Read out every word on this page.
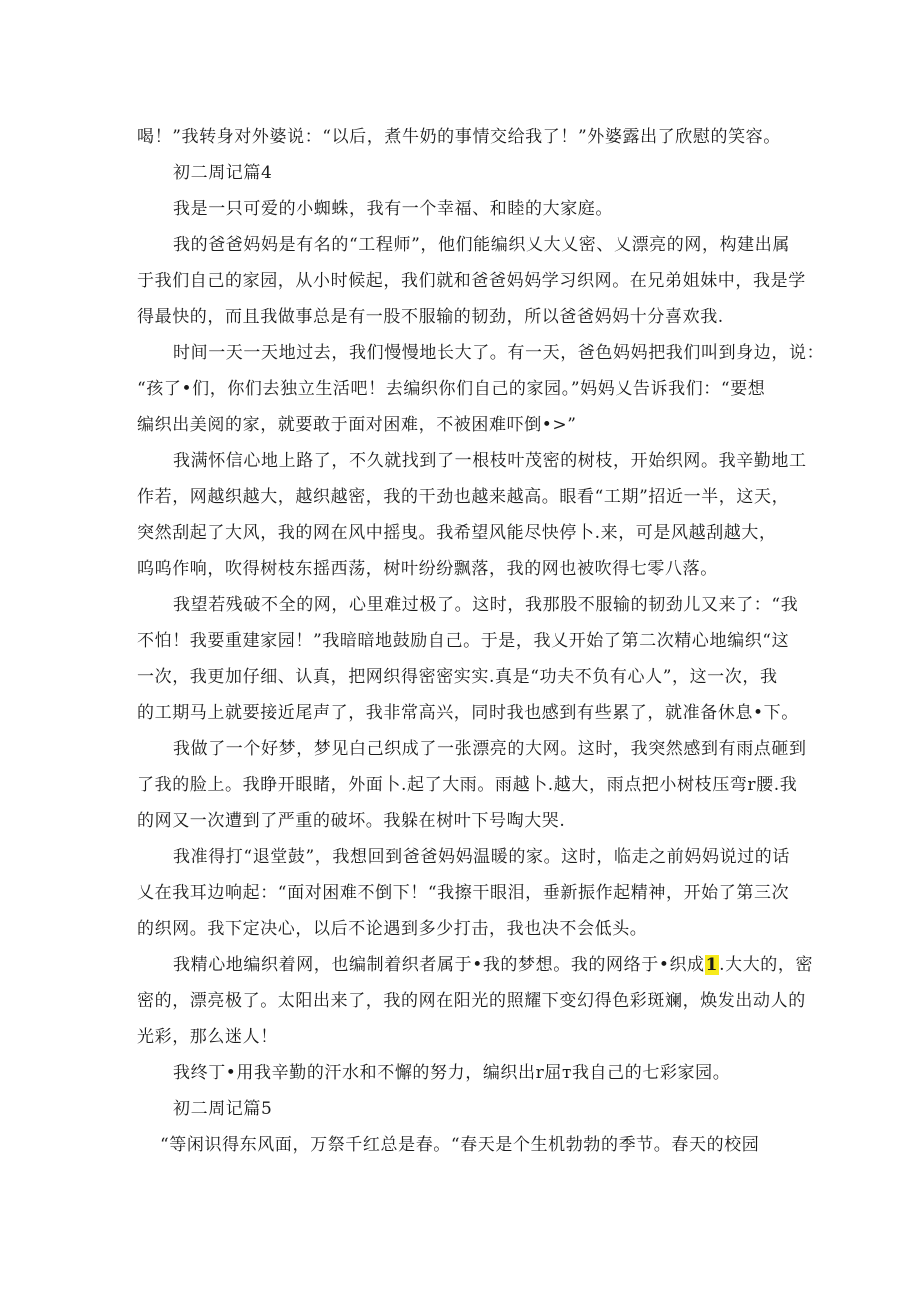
喝！”我转身对外婆说：“以后，煮牛奶的事情交给我了！”外婆露出了欣慰的笑容。
初二周记篇4
我是一只可爱的小蜘蛛，我有一个幸福、和睦的大家庭。
我的爸爸妈妈是有名的“工程师”，他们能编织乂大乂密、乂漂亮的网，构建出属
于我们自己的家园，从小时候起，我们就和爸爸妈妈学习织网。在兄弟姐妹中，我是学
得最快的，而且我做事总是有一股不服输的韧劲，所以爸爸妈妈十分喜欢我.
时间一天一天地过去，我们慢慢地长大了。有一天，爸色妈妈把我们叫到身边，说：
“孩了•们，你们去独立生活吧！去编织你们自己的家园。”妈妈乂告诉我们：“要想
编织出美阅的家，就要敢于面对困难，不被困难吓倒•>”
我满怀信心地上路了，不久就找到了一根枝叶茂密的树枝，开始织网。我辛勤地工
作若，网越织越大，越织越密，我的干劲也越来越高。眼看“工期”招近一半，这天，
突然刮起了大风，我的网在风中摇曳。我希望风能尽快停卜.来，可是风越刮越大，
呜呜作响，吹得树枝东摇西荡，树叶纷纷飘落，我的网也被吹得七零八落。
我望若残破不全的网，心里难过极了。这时，我那股不服输的韧劲儿又来了：“我
不怕！我要重建家园！”我暗暗地鼓励自己。于是，我乂开始了第二次精心地编织“这
一次，我更加仔细、认真，把网织得密密实实.真是“功夫不负有心人”，这一次，我
的工期马上就要接近尾声了，我非常高兴，同时我也感到有些累了，就准备休息•下。
我做了一个好梦，梦见白己织成了一张漂亮的大网。这时，我突然感到有雨点砸到
了我的脸上。我睁开眼睹，外面卜.起了大雨。雨越卜.越大，雨点把小树枝压弯r腰.我
的网又一次遭到了严重的破坏。我躲在树叶下号啕大哭.
我准得打“退堂鼓”，我想回到爸爸妈妈温暖的家。这时，临走之前妈妈说过的话
乂在我耳边响起：“面对困难不倒下！“我擦干眼泪，垂新振作起精神，开始了第三次
的织网。我下定决心，以后不论遇到多少打击，我也决不会低头。
我精心地编织着网，也编制着织者属于•我的梦想。我的网络于•织成1.大大的，密
密的，漂亮极了。太阳出来了，我的网在阳光的照耀下变幻得色彩斑斓，焕发出动人的
光彩，那么迷人！
我终丁•用我辛勤的汗水和不懈的努力，编织出r屈т我自己的七彩家园。
初二周记篇5
“等闲识得东风面，万祭千红总是春。“春天是个生机勃勃的季节。春天的校园
